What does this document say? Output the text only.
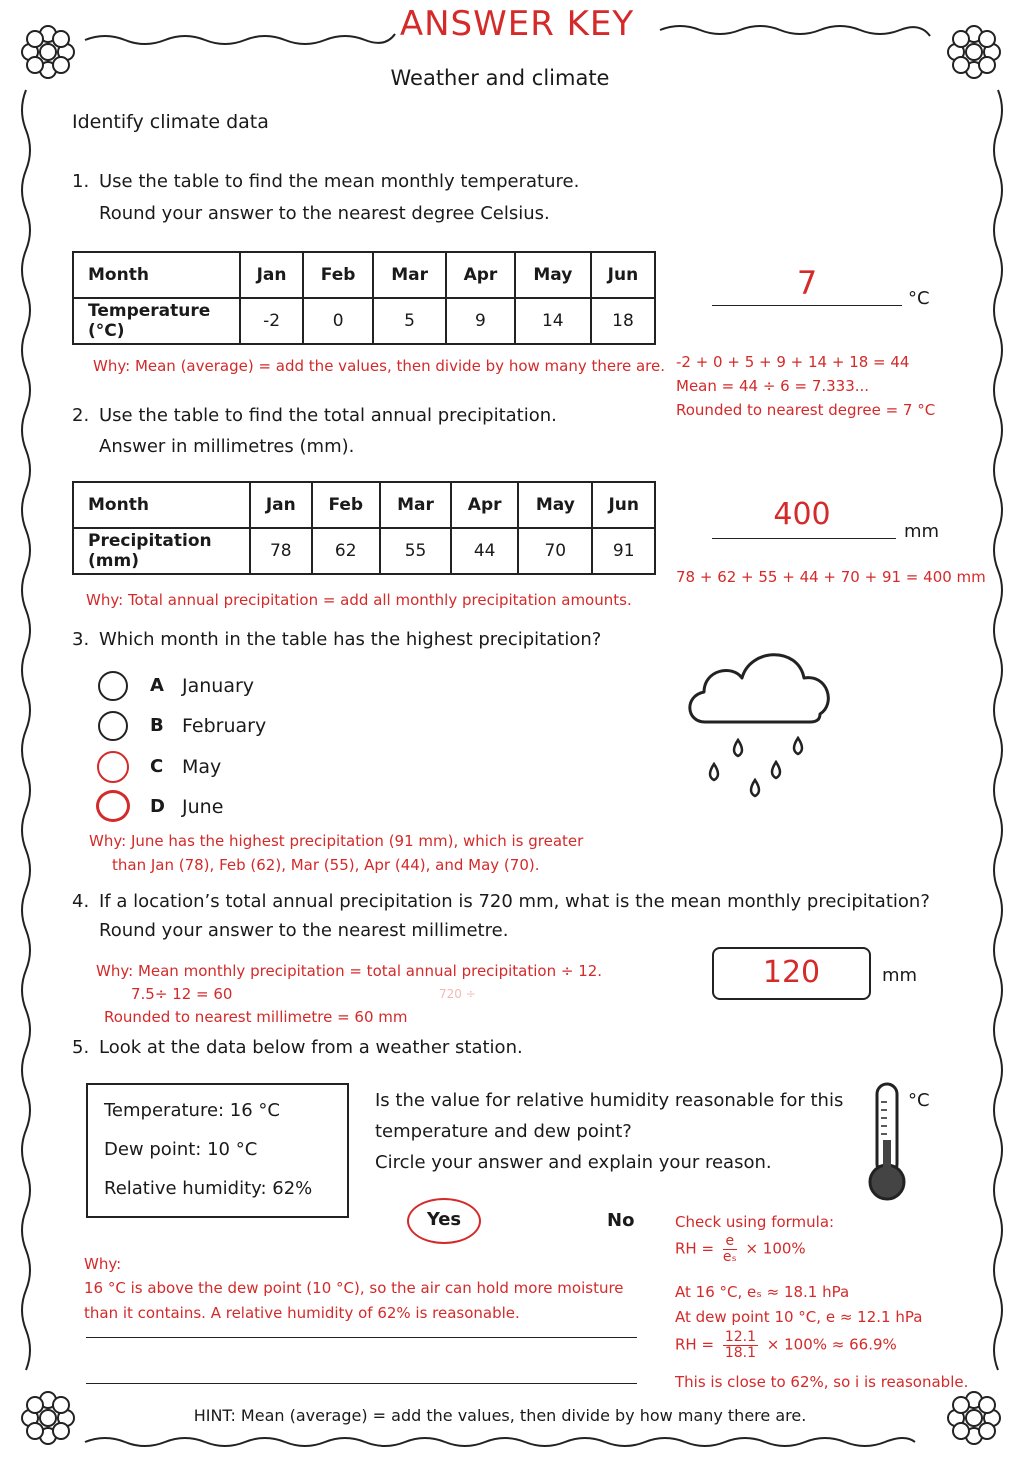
ANSWER KEY
Weather and climate
Identify climate data
1. Use the table to find the mean monthly temperature.
Round your answer to the nearest degree Celsius.
Month	Jan	Feb	Mar	Apr	May	Jun
Temperature (°C)	-2	0	5	9	14	18
7	°C
Why: Mean (average) = add the values, then divide by how many there are. -2 + 0 + 5 + 9 + 14 + 18 = 44
Mean = 44 ÷ 6 = 7.333...
Rounded to nearest degree = 7 °C
2. Use the table to find the total annual precipitation.
Answer in millimetres (mm).
Month	Jan	Feb	Mar	Apr	May	Jun
Precipitation (mm)	78	62	55	44	70	91
400	mm
78 + 62 + 55 + 44 + 70 + 91 = 400 mm
Why: Total annual precipitation = add all monthly precipitation amounts.
3. Which month in the table has the highest precipitation?
A January
B February
C May
D June
Why: June has the highest precipitation (91 mm), which is greater
than Jan (78), Feb (62), Mar (55), Apr (44), and May (70).
4. If a location’s total annual precipitation is 720 mm, what is the mean monthly precipitation?
Round your answer to the nearest millimetre.
Why: Mean monthly precipitation = total annual precipitation ÷ 12.
7.5÷ 12 = 60	720 ÷
Rounded to nearest millimetre = 60 mm
120	mm
5. Look at the data below from a weather station.
Temperature: 16 °C
Dew point: 10 °C
Relative humidity: 62%
Is the value for relative humidity reasonable for this
temperature and dew point?
Circle your answer and explain your reason.
°C
Yes	No
Why:
16 °C is above the dew point (10 °C), so the air can hold more moisture
than it contains. A relative humidity of 62% is reasonable.
Check using formula:
RH = $\frac{e}{\text{eₛ}} \times 100\%$
At 16 °C, eₛ ≈ 18.1 hPa
At dew point 10 °C, e ≈ 12.1 hPa
RH = $\frac{12.1}{18.1} \times 100\% \approx 66.9\%$
This is close to 62%, so i is reasonable.
HINT: Mean (average) = add the values, then divide by how many there are.
